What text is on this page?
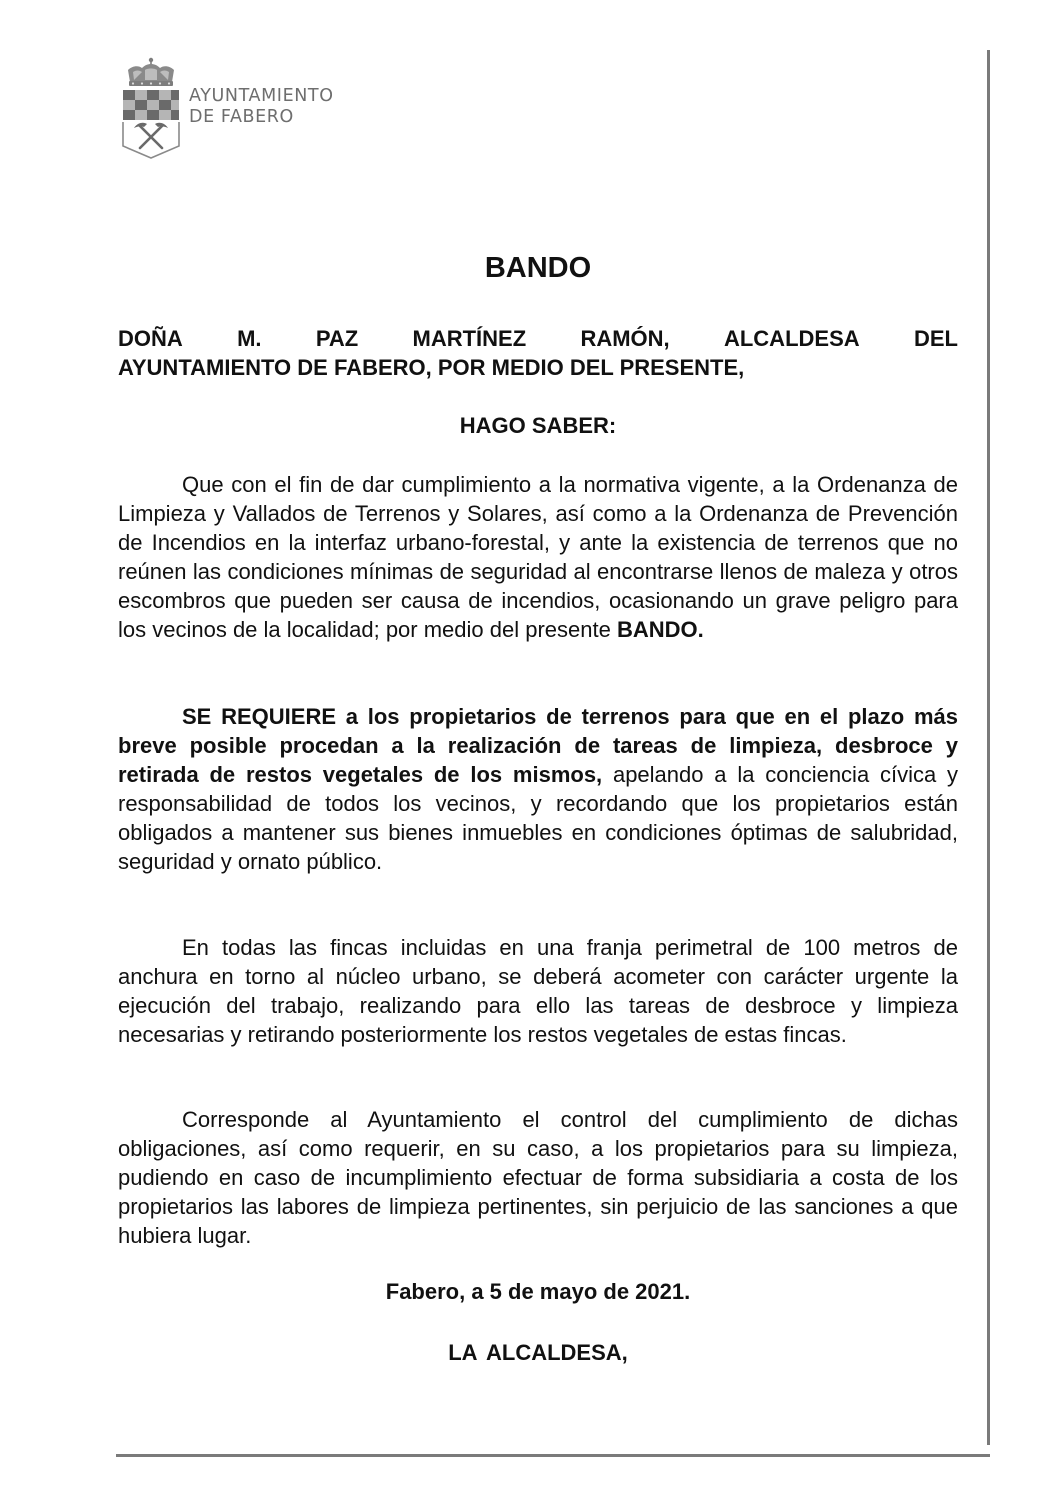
AYUNTAMIENTO
DE FABERO
BANDO
DOÑA M. PAZ MARTÍNEZ RAMÓN, ALCALDESA DEL
AYUNTAMIENTO DE FABERO, POR MEDIO DEL PRESENTE,
HAGO SABER:
Que con el fin de dar cumplimiento a la normativa vigente, a la Ordenanza de Limpieza y Vallados de Terrenos y Solares, así como a la Ordenanza de Prevención de Incendios en la interfaz urbano-forestal, y ante la existencia de terrenos que no reúnen las condiciones mínimas de seguridad al encontrarse llenos de maleza y otros escombros que pueden ser causa de incendios, ocasionando un grave peligro para los vecinos de la localidad; por medio del presente BANDO.
SE REQUIERE a los propietarios de terrenos para que en el plazo más breve posible procedan a la realización de tareas de limpieza, desbroce y retirada de restos vegetales de los mismos, apelando a la conciencia cívica y responsabilidad de todos los vecinos, y recordando que los propietarios están obligados a mantener sus bienes inmuebles en condiciones óptimas de salubridad, seguridad y ornato público.
En todas las fincas incluidas en una franja perimetral de 100 metros de anchura en torno al núcleo urbano, se deberá acometer con carácter urgente la ejecución del trabajo, realizando para ello las tareas de desbroce y limpieza necesarias y retirando posteriormente los restos vegetales de estas fincas.
Corresponde al Ayuntamiento el control del cumplimiento de dichas obligaciones, así como requerir, en su caso, a los propietarios para su limpieza, pudiendo en caso de incumplimiento efectuar de forma subsidiaria a costa de los propietarios las labores de limpieza pertinentes, sin perjuicio de las sanciones a que hubiera lugar.
Fabero, a 5 de mayo de 2021.
LA ALCALDESA,
